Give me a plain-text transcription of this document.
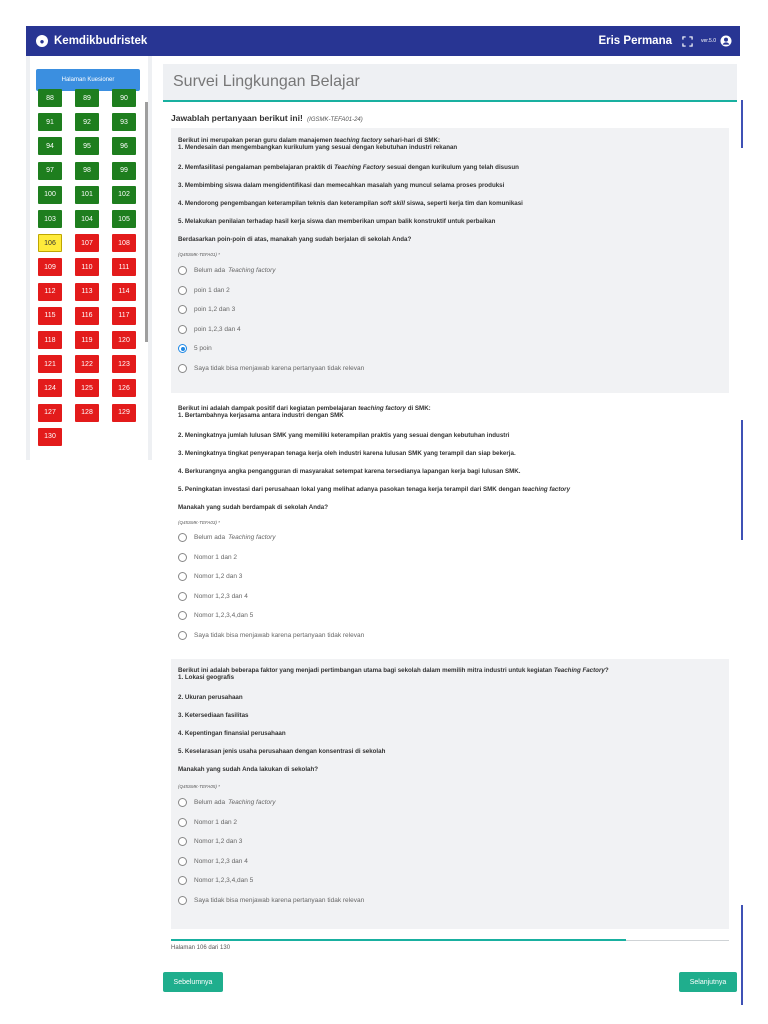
● Kemdikbudristek	Eris Permana	ver.5.0
Halaman Kuesioner
88	89	90
91	92	93
94	95	96
97	98	99
100	101	102
103	104	105
106	107	108
109	110	111
112	113	114
115	116	117
118	119	120
121	122	123
124	125	126
127	128	129
130
Survei Lingkungan Belajar
Jawablah pertanyaan berikut ini! (IGSMK-TEFA01-24)
Berikut ini merupakan peran guru dalam manajemen teaching factory sehari-hari di SMK:
1. Mendesain dan mengembangkan kurikulum yang sesuai dengan kebutuhan industri rekanan
2. Memfasilitasi pengalaman pembelajaran praktik di Teaching Factory sesuai dengan kurikulum yang telah disusun
3. Membimbing siswa dalam mengidentifikasi dan memecahkan masalah yang muncul selama proses produksi
4. Mendorong pengembangan keterampilan teknis dan keterampilan soft skill siswa, seperti kerja tim dan komunikasi
5. Melakukan penilaian terhadap hasil kerja siswa dan memberikan umpan balik konstruktif untuk perbaikan
Berdasarkan poin-poin di atas, manakah yang sudah berjalan di sekolah Anda?
(Q45SMK-TEFA01) *
Belum ada Teaching factory
poin 1 dan 2
poin 1,2 dan 3
poin 1,2,3 dan 4
5 poin
Saya tidak bisa menjawab karena pertanyaan tidak relevan
Berikut ini adalah dampak positif dari kegiatan pembelajaran teaching factory di SMK:
1. Bertambahnya kerjasama antara industri dengan SMK
2. Meningkatnya jumlah lulusan SMK yang memiliki keterampilan praktis yang sesuai dengan kebutuhan industri
3. Meningkatnya tingkat penyerapan tenaga kerja oleh industri karena lulusan SMK yang terampil dan siap bekerja.
4. Berkurangnya angka pengangguran di masyarakat setempat karena tersedianya lapangan kerja bagi lulusan SMK.
5. Peningkatan investasi dari perusahaan lokal yang melihat adanya pasokan tenaga kerja terampil dari SMK dengan teaching factory
Manakah yang sudah berdampak di sekolah Anda?
(Q45SMK-TEFA03) *
Belum ada Teaching factory
Nomor 1 dan 2
Nomor 1,2 dan 3
Nomor 1,2,3 dan 4
Nomor 1,2,3,4,dan 5
Saya tidak bisa menjawab karena pertanyaan tidak relevan
Berikut ini adalah beberapa faktor yang menjadi pertimbangan utama bagi sekolah dalam memilih mitra industri untuk kegiatan Teaching Factory?
1. Lokasi geografis
2. Ukuran perusahaan
3. Ketersediaan fasilitas
4. Kepentingan finansial perusahaan
5. Keselarasan jenis usaha perusahaan dengan konsentrasi di sekolah
Manakah yang sudah Anda lakukan di sekolah?
(Q45SMK-TEFA05) *
Belum ada Teaching factory
Nomor 1 dan 2
Nomor 1,2 dan 3
Nomor 1,2,3 dan 4
Nomor 1,2,3,4,dan 5
Saya tidak bisa menjawab karena pertanyaan tidak relevan
Halaman 106 dari 130
Sebelumnya	Selanjutnya
